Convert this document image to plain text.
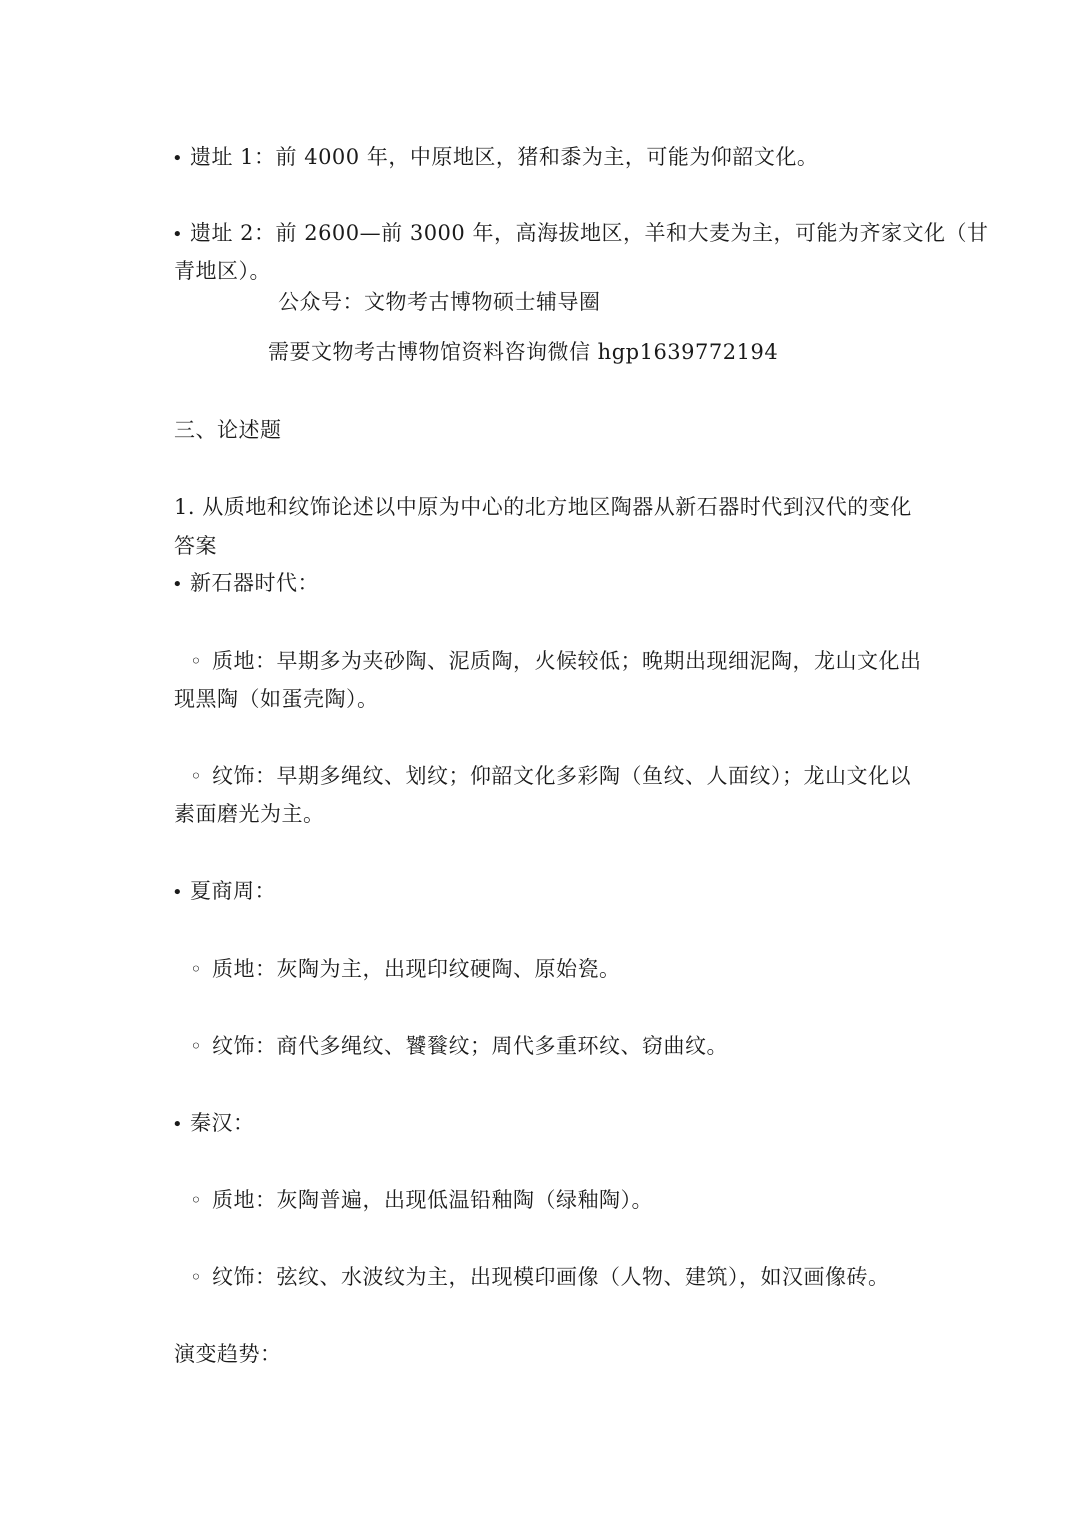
• 遗址 1：前 4000 年，中原地区，猪和黍为主，可能为仰韶文化。
• 遗址 2：前 2600—前 3000 年，高海拔地区，羊和大麦为主，可能为齐家文化（甘
青地区）。
公众号：文物考古博物硕士辅导圈
需要文物考古博物馆资料咨询微信 hgp1639772194
三、论述题
1. 从质地和纹饰论述以中原为中心的北方地区陶器从新石器时代到汉代的变化
答案
• 新石器时代：
◦ 质地：早期多为夹砂陶、泥质陶，火候较低；晚期出现细泥陶，龙山文化出
现黑陶（如蛋壳陶）。
◦ 纹饰：早期多绳纹、划纹；仰韶文化多彩陶（鱼纹、人面纹）；龙山文化以
素面磨光为主。
• 夏商周：
◦ 质地：灰陶为主，出现印纹硬陶、原始瓷。
◦ 纹饰：商代多绳纹、饕餮纹；周代多重环纹、窃曲纹。
• 秦汉：
◦ 质地：灰陶普遍，出现低温铅釉陶（绿釉陶）。
◦ 纹饰：弦纹、水波纹为主，出现模印画像（人物、建筑），如汉画像砖。
演变趋势：
